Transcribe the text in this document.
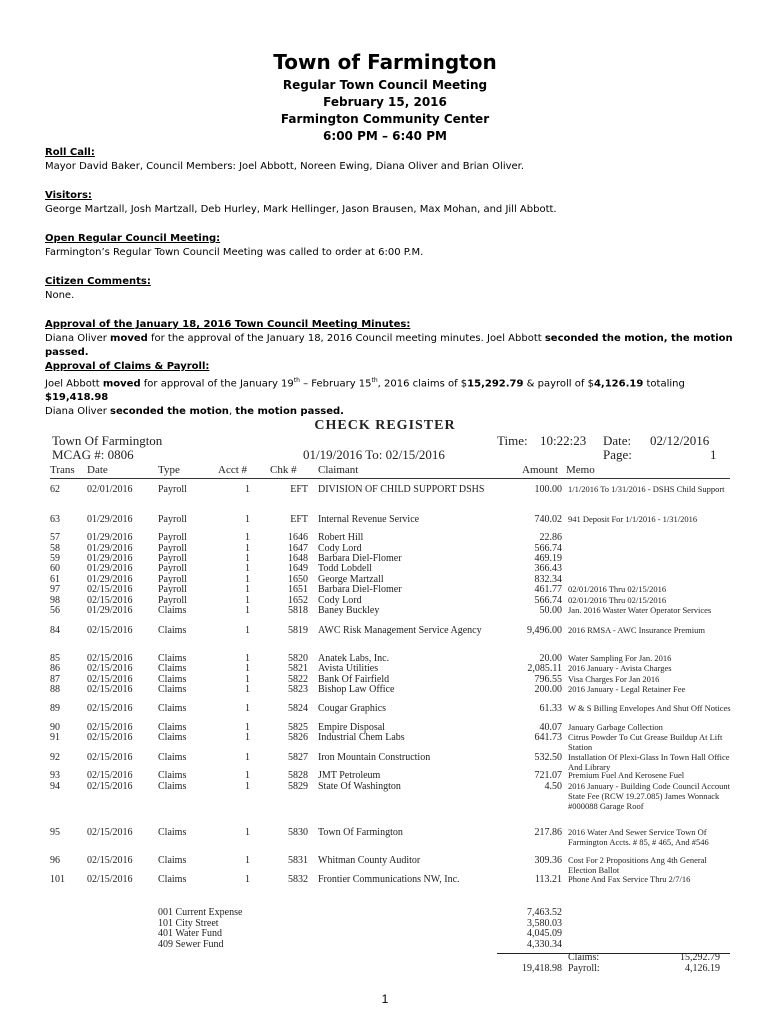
Town of Farmington
Regular Town Council Meeting
February 15, 2016
Farmington Community Center
6:00 PM – 6:40 PM
Roll Call:
Mayor David Baker, Council Members: Joel Abbott, Noreen Ewing, Diana Oliver and Brian Oliver.
Visitors:
George Martzall, Josh Martzall, Deb Hurley, Mark Hellinger, Jason Brausen, Max Mohan, and Jill Abbott.
Open Regular Council Meeting:
Farmington’s Regular Town Council Meeting was called to order at 6:00 P.M.
Citizen Comments:
None.
Approval of the January 18, 2016 Town Council Meeting Minutes:
Diana Oliver moved for the approval of the January 18, 2016 Council meeting minutes. Joel Abbott seconded the motion, the motion passed.
Approval of Claims & Payroll:
Joel Abbott moved for approval of the January 19th – February 15th, 2016 claims of $15,292.79 & payroll of $4,126.19 totaling $19,418.98
Diana Oliver seconded the motion, the motion passed.
CHECK REGISTER
Town Of Farmington
MCAG #: 0806	01/19/2016 To: 02/15/2016
Time: 10:22:23 Date: 02/12/2016
Page:	1
Trans Date	Type	Acct # Chk # Claimant	Amount Memo
62	02/01/2016	Payroll	1	EFT DIVISION OF CHILD SUPPORT DSHS	100.00 1/1/2016 To 1/31/2016 - DSHS Child Support
63	01/29/2016	Payroll	1	EFT Internal Revenue Service	740.02 941 Deposit For 1/1/2016 - 1/31/2016
57	01/29/2016	Payroll	1	1646 Robert Hill	22.86
58	01/29/2016	Payroll	1	1647 Cody Lord	566.74
59	01/29/2016	Payroll	1	1648 Barbara Diel-Flomer	469.19
60	01/29/2016	Payroll	1	1649 Todd Lobdell	366.43
61	01/29/2016	Payroll	1	1650 George Martzall	832.34
97	02/15/2016	Payroll	1	1651 Barbara Diel-Flomer	461.77 02/01/2016 Thru 02/15/2016
98	02/15/2016	Payroll	1	1652 Cody Lord	566.74 02/01/2016 Thru 02/15/2016
56	01/29/2016	Claims	1	5818 Baney Buckley	50.00 Jan. 2016 Waster Water Operator Services
84	02/15/2016	Claims	1	5819 AWC Risk Management Service Agency	9,496.00 2016 RMSA - AWC Insurance Premium
85	02/15/2016	Claims	1	5820 Anatek Labs, Inc.	20.00 Water Sampling For Jan. 2016
86	02/15/2016	Claims	1	5821 Avista Utilities	2,085.11 2016 January - Avista Charges
87	02/15/2016	Claims	1	5822 Bank Of Fairfield	796.55 Visa Charges For Jan 2016
88	02/15/2016	Claims	1	5823 Bishop Law Office	200.00 2016 January - Legal Retainer Fee
89	02/15/2016	Claims	1	5824 Cougar Graphics	61.33 W & S Billing Envelopes And Shut Off Notices
90	02/15/2016	Claims	1	5825 Empire Disposal	40.07 January Garbage Collection
91	02/15/2016	Claims	1	5826 Industrial Chem Labs	641.73 Citrus Powder To Cut Grease Buildup At Lift Station
92	02/15/2016	Claims	1	5827 Iron Mountain Construction	532.50 Installation Of Plexi-Glass In Town Hall Office And Library
93	02/15/2016	Claims	1	5828 JMT Petroleum	721.07 Premium Fuel And Kerosene Fuel
94	02/15/2016	Claims	1	5829 State Of Washington	4.50 2016 January - Building Code Council Account State Fee (RCW 19.27.085) James Wonnack #000088 Garage Roof
95	02/15/2016	Claims	1	5830 Town Of Farmington	217.86 2016 Water And Sewer Service Town Of Farmington Accts. # 85, # 465, And #546
96	02/15/2016	Claims	1	5831 Whitman County Auditor	309.36 Cost For 2 Propositions Ang 4th General Election Ballot
101	02/15/2016	Claims	1	5832 Frontier Communications NW, Inc.	113.21 Phone And Fax Service Thru 2/7/16
001 Current Expense	7,463.52
101 City Street	3,580.03
401 Water Fund	4,045.09
409 Sewer Fund	4,330.34
19,418.98
Claims:	15,292.79
Payroll:	4,126.19
1
